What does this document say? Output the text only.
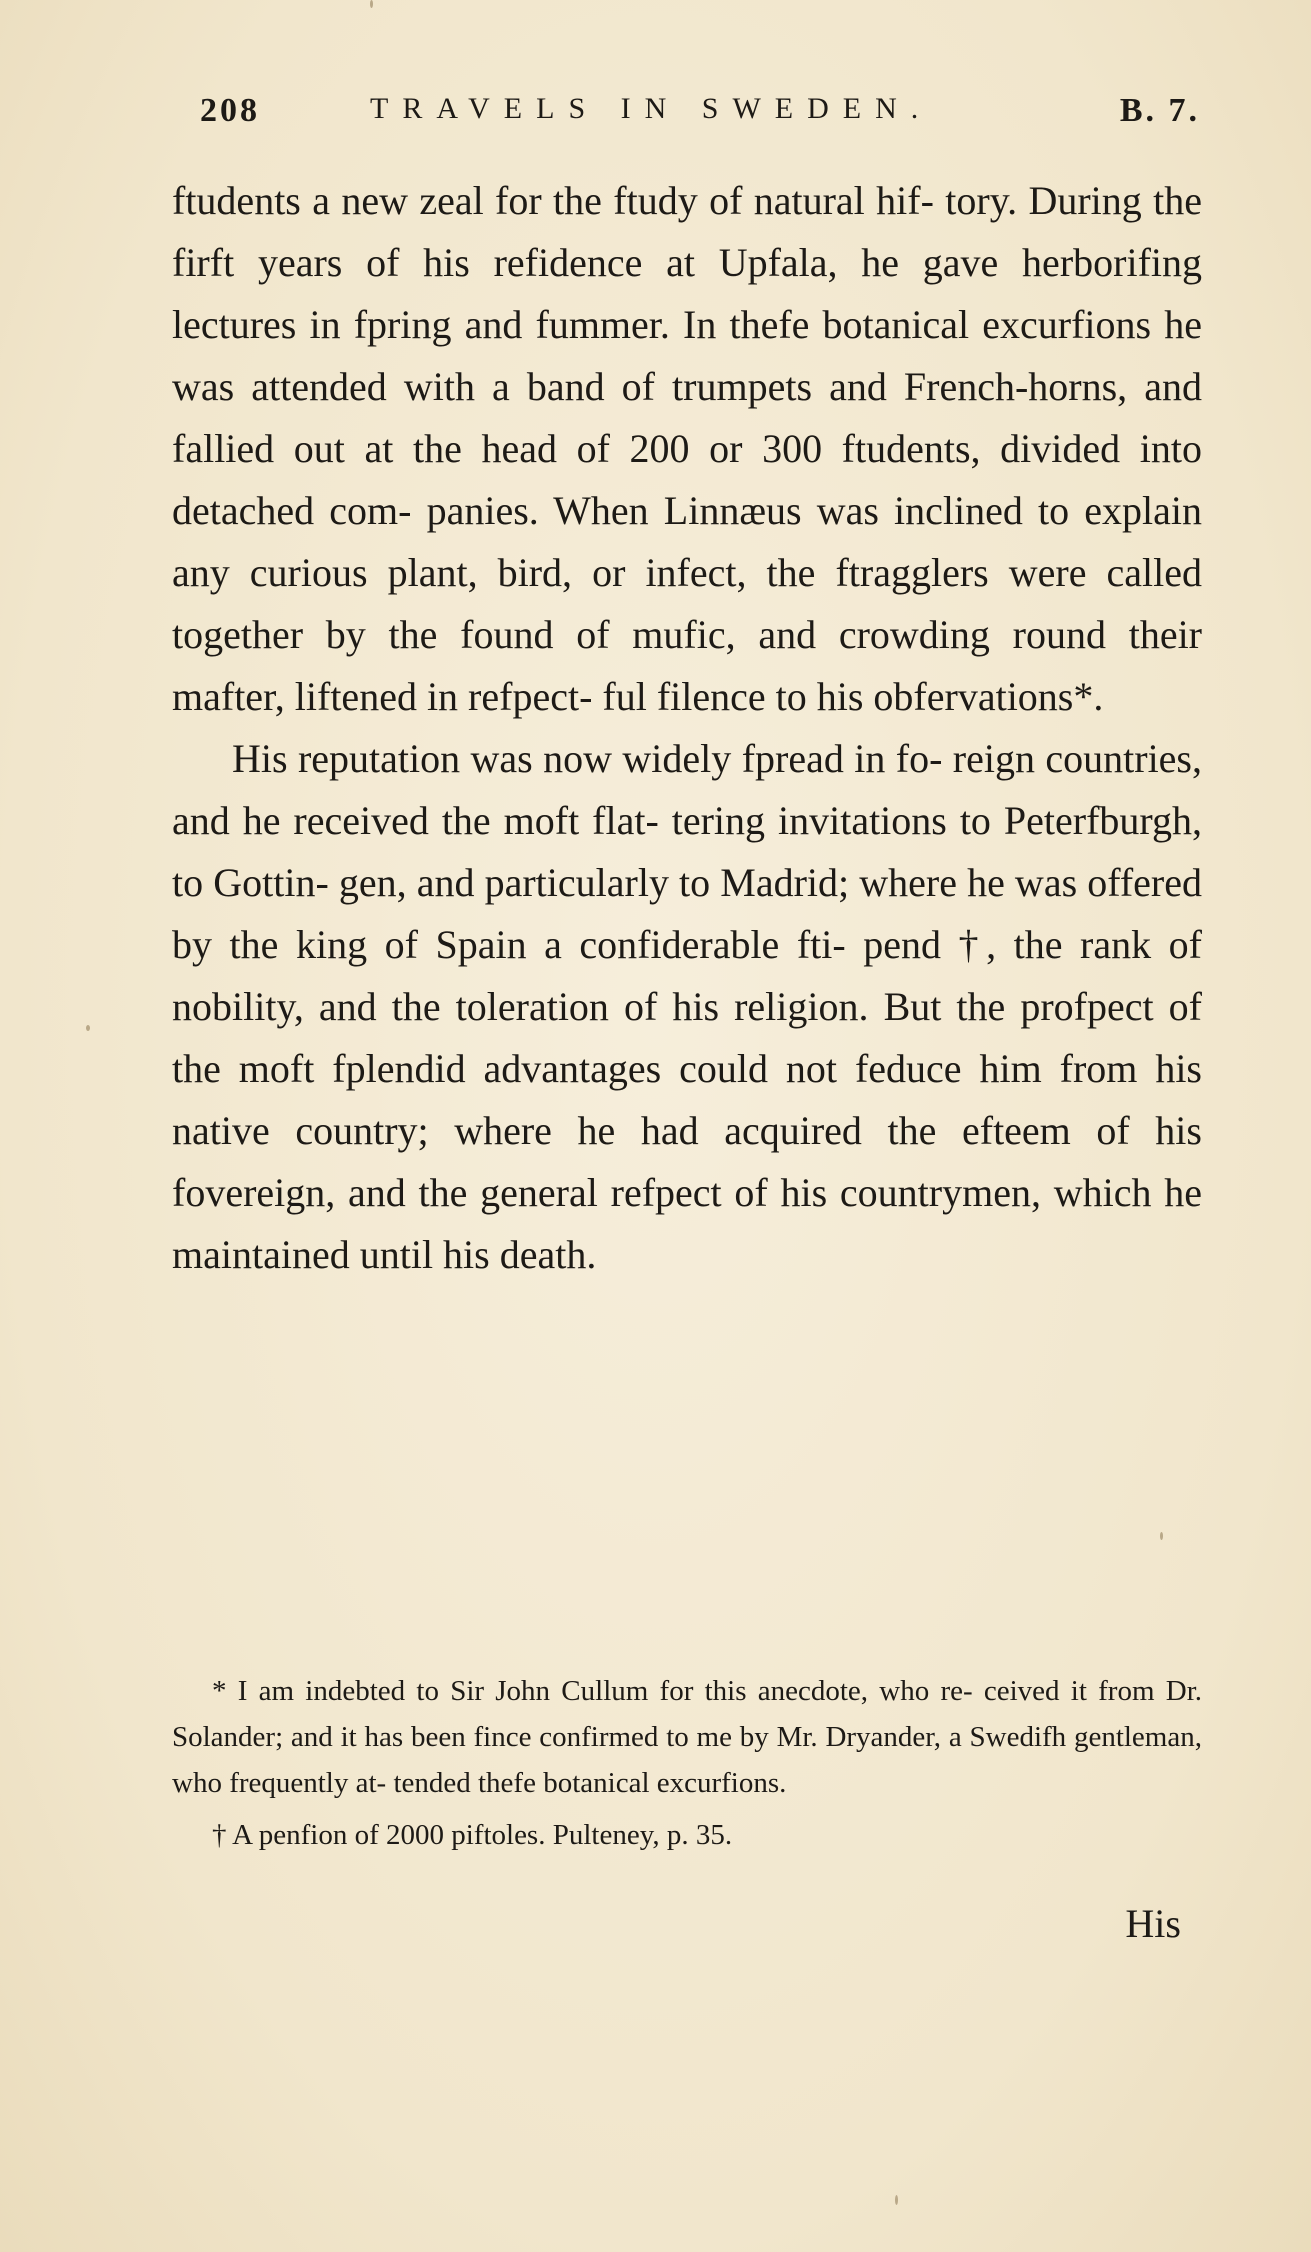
208	TRAVELS IN SWEDEN.	B. 7.

ftudents a new zeal for the ftudy of natural hif- tory. During the firft years of his refidence at Upfala, he gave herborifing lectures in fpring and fummer. In thefe botanical excurfions he was attended with a band of trumpets and French-horns, and fallied out at the head of 200 or 300 ftudents, divided into detached com- panies. When Linnæus was inclined to explain any curious plant, bird, or infect, the ftragglers were called together by the found of mufic, and crowding round their mafter, liftened in refpect- ful filence to his obfervations*.

His reputation was now widely fpread in fo- reign countries, and he received the moft flat- tering invitations to Peterfburgh, to Gottin- gen, and particularly to Madrid; where he was offered by the king of Spain a confiderable fti- pend †, the rank of nobility, and the toleration of his religion. But the profpect of the moft fplendid advantages could not feduce him from his native country; where he had acquired the efteem of his fovereign, and the general refpect of his countrymen, which he maintained until his death.

* I am indebted to Sir John Cullum for this anecdote, who re- ceived it from Dr. Solander; and it has been fince confirmed to me by Mr. Dryander, a Swedifh gentleman, who frequently at- tended thefe botanical excurfions.

† A penfion of 2000 piftoles. Pulteney, p. 35.

His
